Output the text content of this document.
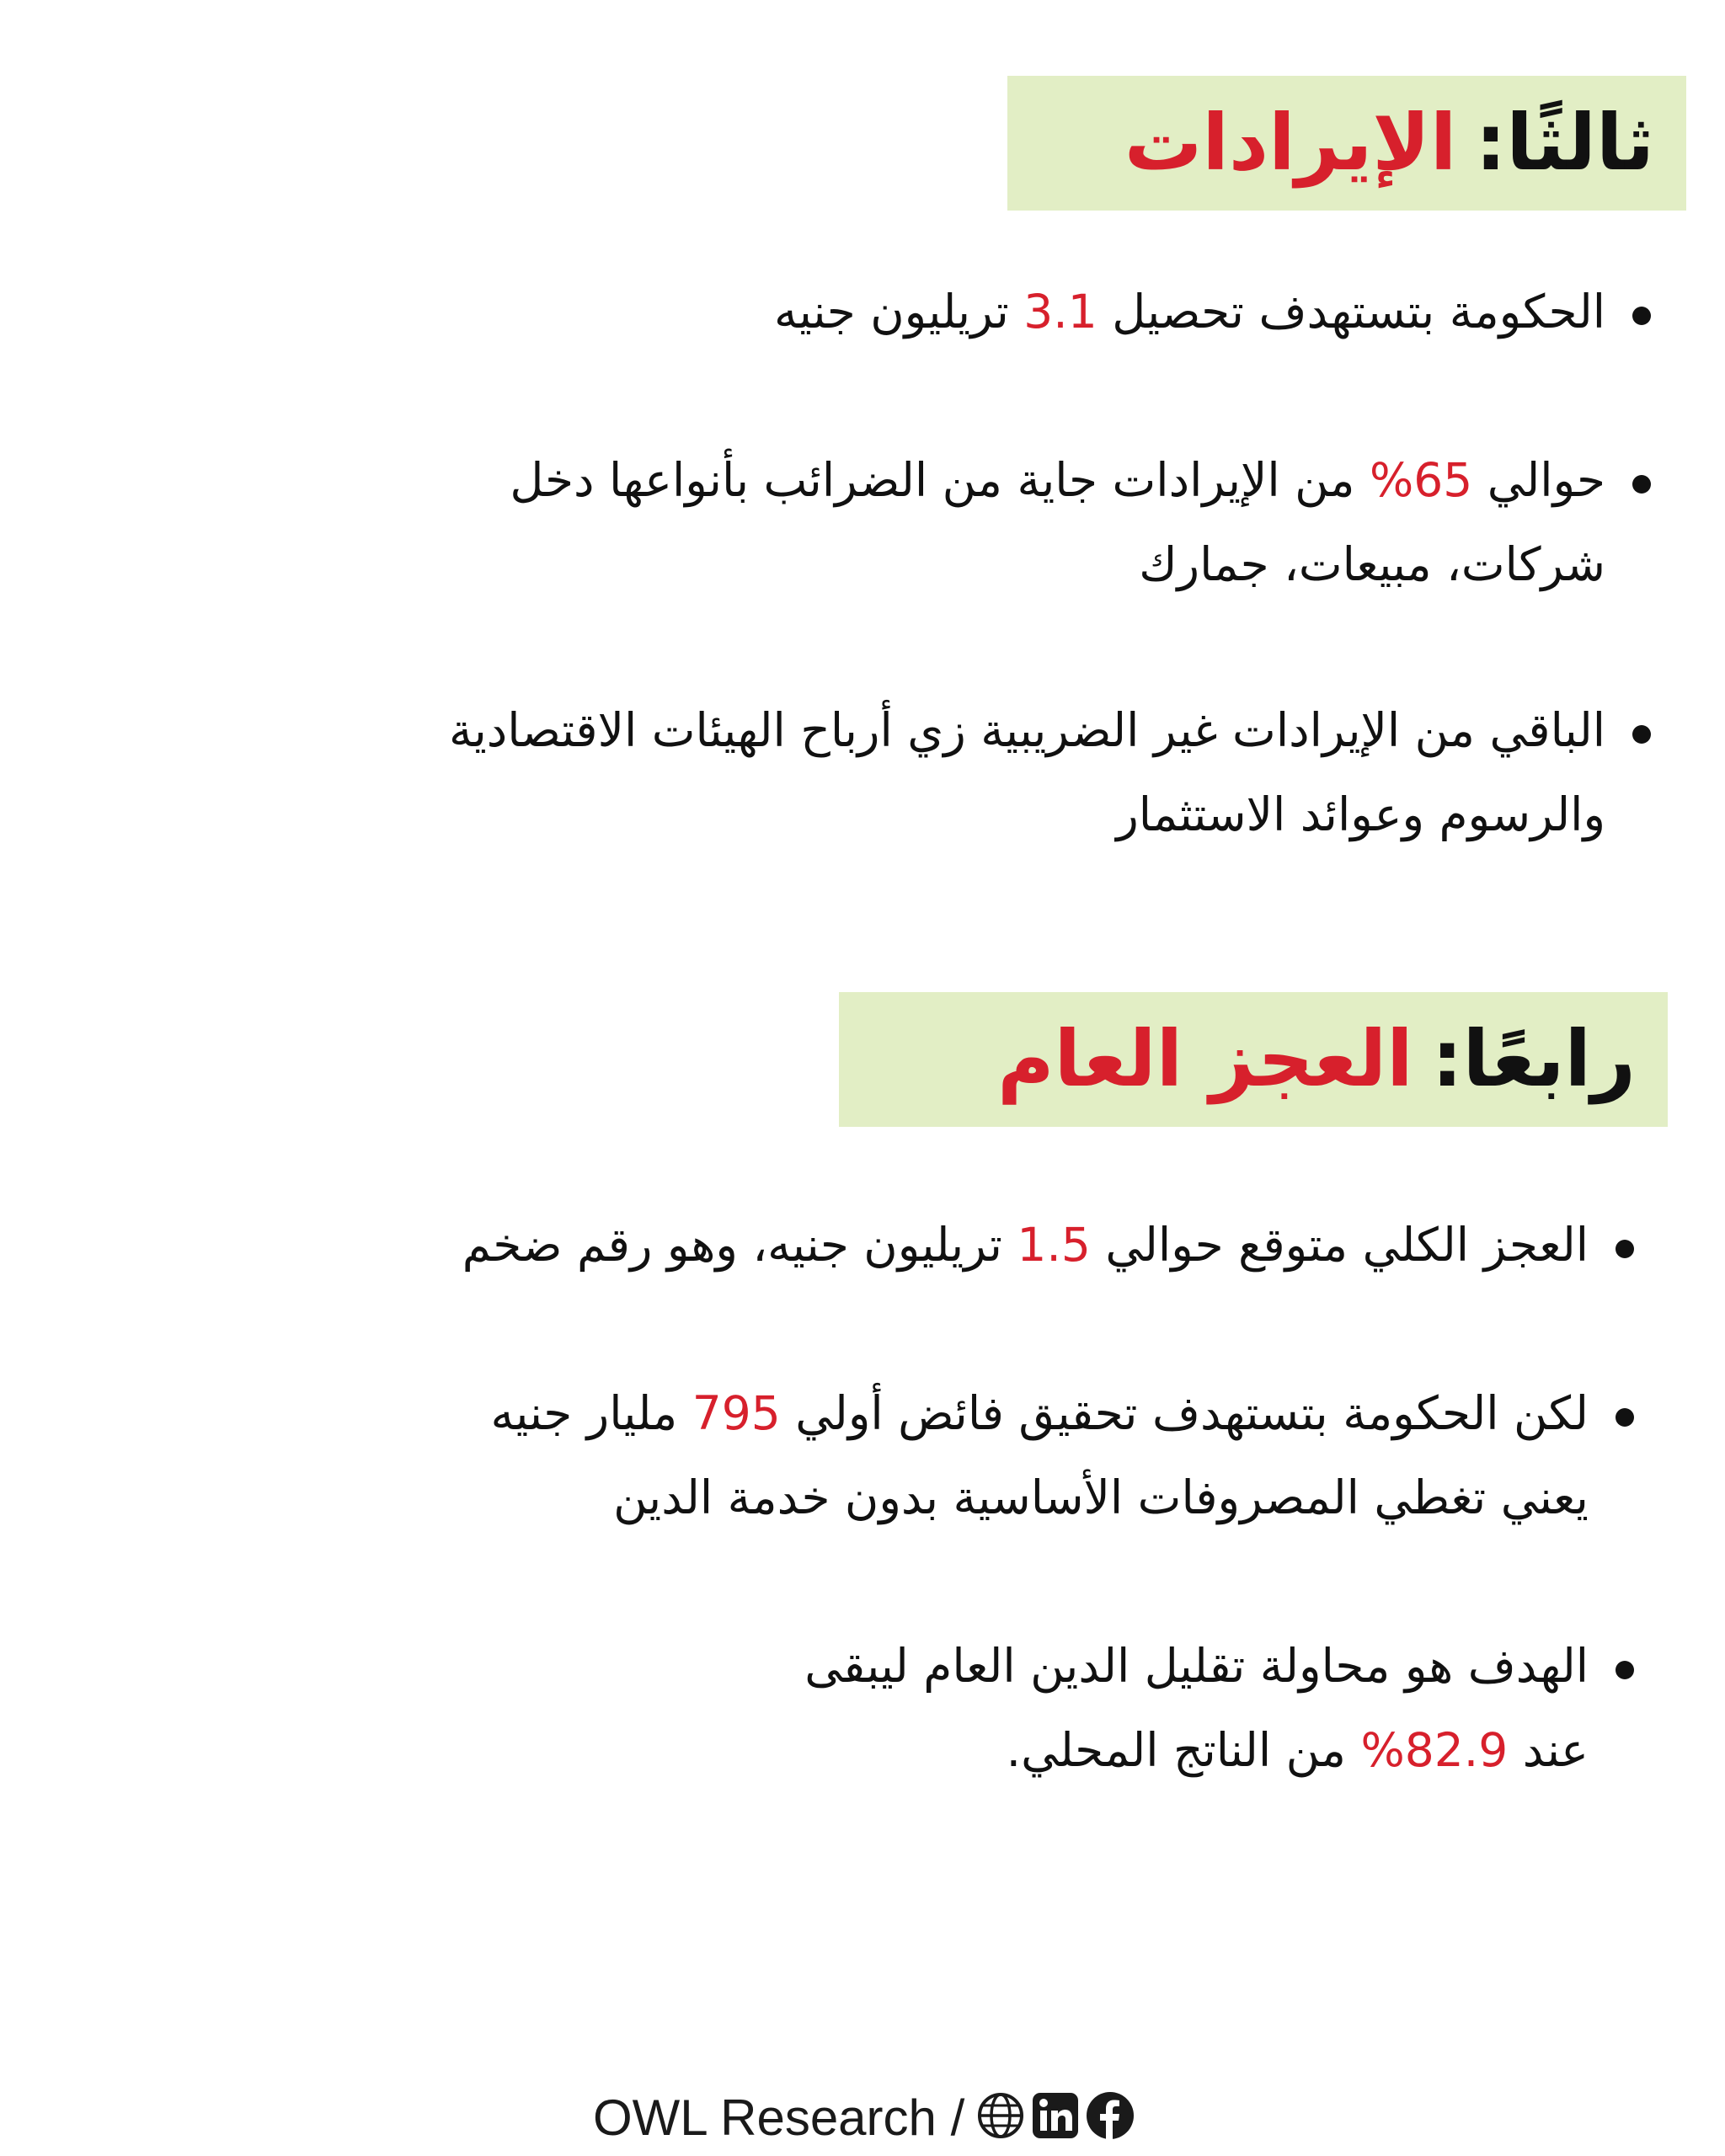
ثالثًا:
الإيرادات
الحكومة بتستهدف تحصيل 3.1 تريليون جنيه
حوالي 65% من الإيرادات جاية من الضرائب بأنواعها دخل
شركات، مبيعات، جمارك
الباقي من الإيرادات غير الضريبية زي أرباح الهيئات الاقتصادية
والرسوم وعوائد الاستثمار
رابعًا:
العجز العام
العجز الكلي متوقع حوالي 1.5 تريليون جنيه، وهو رقم ضخم
لكن الحكومة بتستهدف تحقيق فائض أولي 795 مليار جنيه
يعني تغطي المصروفات الأساسية بدون خدمة الدين
الهدف هو محاولة تقليل الدين العام ليبقى
عند 82.9% من الناتج المحلي.
OWL Research /
